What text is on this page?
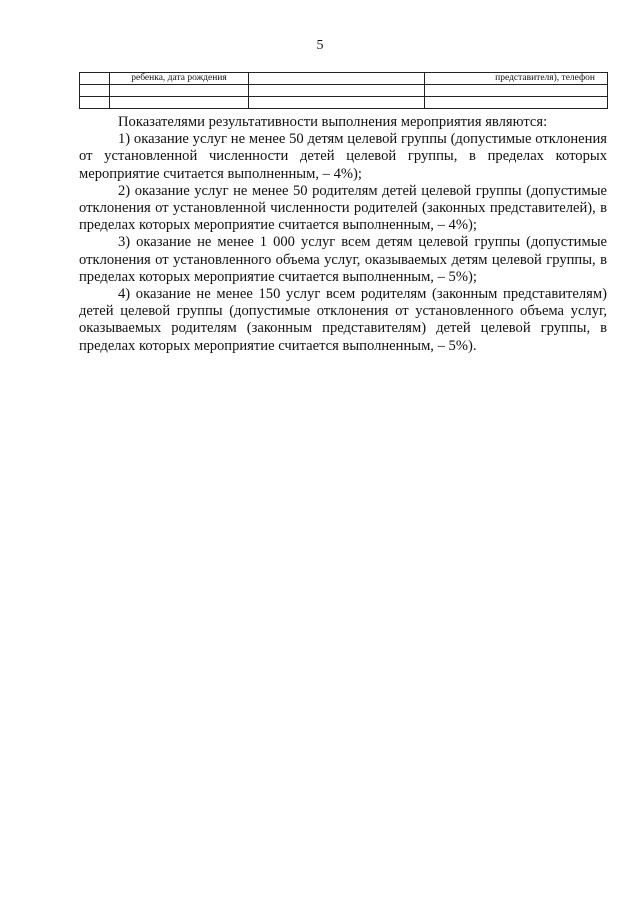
5
	ребенка, дата рождения		представителя), телефон

Показателями результативности выполнения мероприятия являются:

1) оказание услуг не менее 50 детям целевой группы (допустимые отклонения от установленной численности детей целевой группы, в пределах которых мероприятие считается выполненным, – 4%);

2) оказание услуг не менее 50 родителям детей целевой группы (допустимые отклонения от установленной численности родителей (законных представителей), в пределах которых мероприятие считается выполненным, – 4%);

3) оказание не менее 1 000 услуг всем детям целевой группы (допустимые отклонения от установленного объема услуг, оказываемых детям целевой группы, в пределах которых мероприятие считается выполненным, – 5%);

4) оказание не менее 150 услуг всем родителям (законным представителям) детей целевой группы (допустимые отклонения от установленного объема услуг, оказываемых родителям (законным представителям) детей целевой группы, в пределах которых мероприятие считается выполненным, – 5%).
